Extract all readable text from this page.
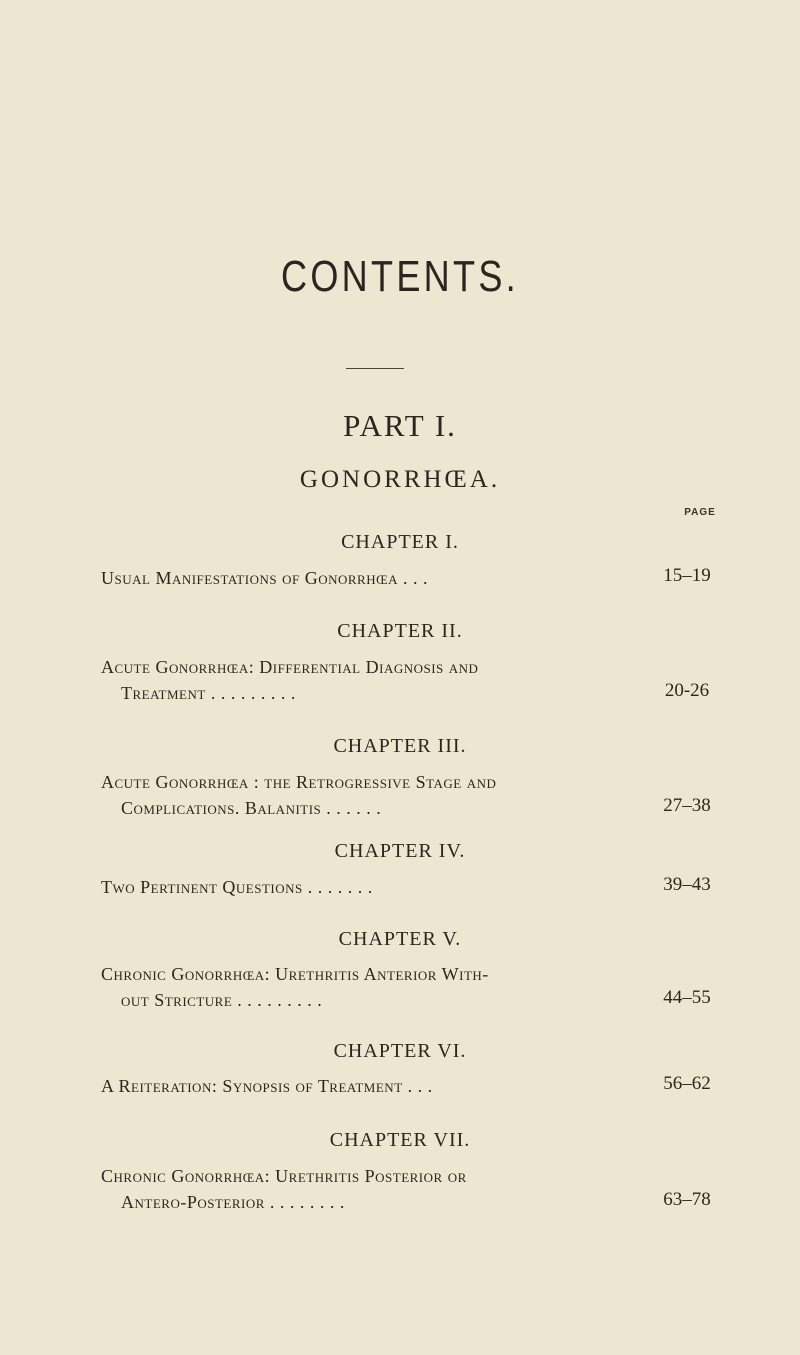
CONTENTS.
PART I.
GONORRHŒA.
PAGE
CHAPTER I.
Usual Manifestations of Gonorrhœa . . .	15–19
CHAPTER II.
Acute Gonorrhœa: Differential Diagnosis and
Treatment . . . . . . . . .	20-26
CHAPTER III.
Acute Gonorrhœa : the Retrogressive Stage and
Complications. Balanitis . . . . . .	27–38
CHAPTER IV.
Two Pertinent Questions . . . . . . .	39–43
CHAPTER V.
Chronic Gonorrhœa: Urethritis Anterior With-
out Stricture . . . . . . . . .	44–55
CHAPTER VI.
A Reiteration: Synopsis of Treatment . . .	56–62
CHAPTER VII.
Chronic Gonorrhœa: Urethritis Posterior or
Antero-Posterior . . . . . . . .	63–78
